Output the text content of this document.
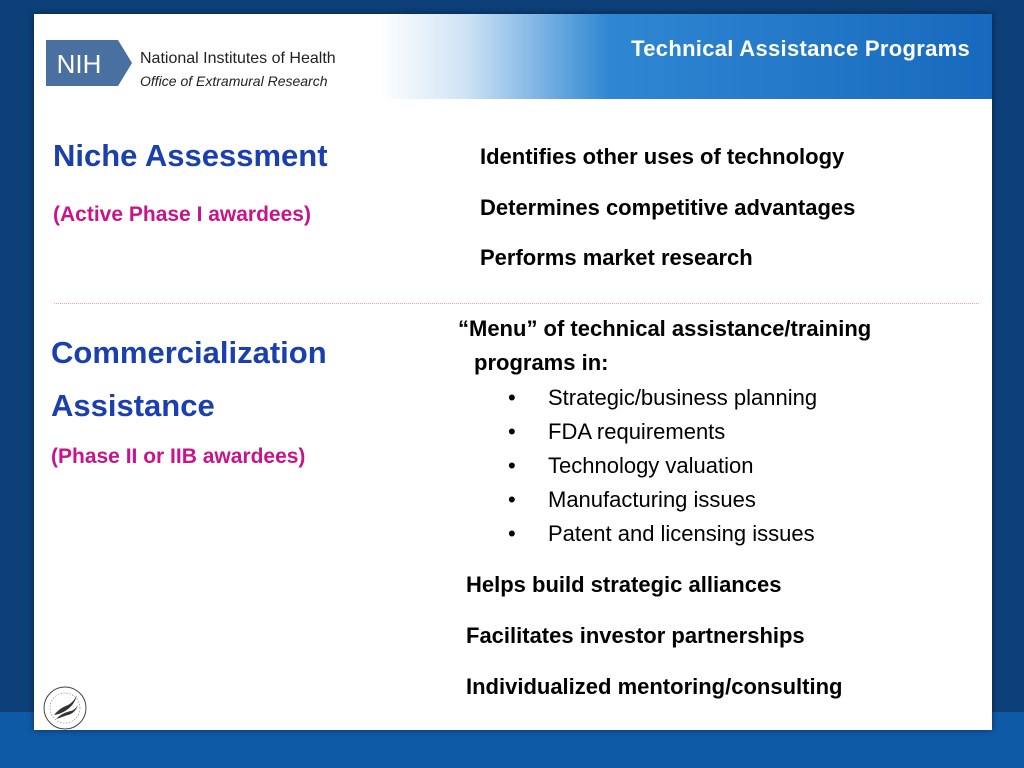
NIH National Institutes of Health
Office of Extramural Research
Technical Assistance Programs
Niche Assessment
(Active Phase I awardees)
Identifies other uses of technology
Determines competitive advantages
Performs market research
Commercialization
Assistance
(Phase II or IIB awardees)
“Menu” of technical assistance/training
programs in:
• Strategic/business planning
• FDA requirements
• Technology valuation
• Manufacturing issues
• Patent and licensing issues
Helps build strategic alliances
Facilitates investor partnerships
Individualized mentoring/consulting
